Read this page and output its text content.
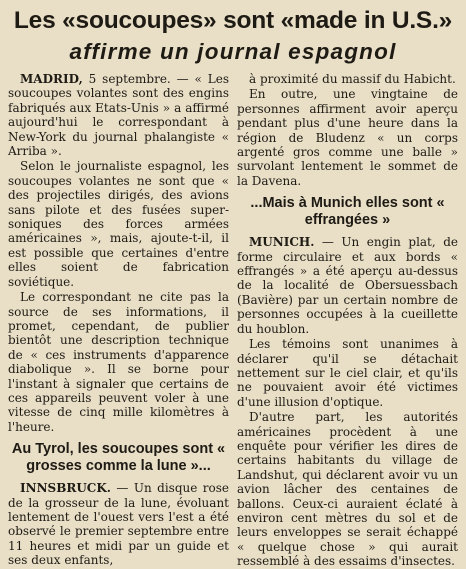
Les «soucoupes» sont «made in U.S.»
affirme un journal espagnol

MADRID, 5 septembre. — « Les soucoupes volantes sont des engins fabriqués aux Etats-Unis » a affirmé aujourd'hui le correspondant à New-York du journal phalangiste « Arriba ».

Selon le journaliste espagnol, les soucoupes volantes ne sont que « des projectiles dirigés, des avions sans pilote et des fusées super-soniques des forces armées américaines », mais, ajoute-t-il, il est possible que certaines d'entre elles soient de fabrication soviétique.

Le correspondant ne cite pas la source de ses informations, il promet, cependant, de publier bientôt une description technique de « ces instruments d'apparence diabolique ». Il se borne pour l'instant à signaler que certains de ces appareils peuvent voler à une vitesse de cinq mille kilomètres à l'heure.

Au Tyrol, les soucoupes sont « grosses comme la lune »...

INNSBRUCK. — Un disque rose de la grosseur de la lune, évoluant lentement de l'ouest vers l'est a été observé le premier septembre entre 11 heures et midi par un guide et ses deux enfants,

à proximité du massif du Habicht.

En outre, une vingtaine de personnes affirment avoir aperçu pendant plus d'une heure dans la région de Bludenz « un corps argenté gros comme une balle » survolant lentement le sommet de la Davena.

...Mais à Munich elles sont « effrangées »

MUNICH. — Un engin plat, de forme circulaire et aux bords « effrangés » a été aperçu au-dessus de la localité de Obersuessbach (Bavière) par un certain nombre de personnes occupées à la cueillette du houblon.

Les témoins sont unanimes à déclarer qu'il se détachait nettement sur le ciel clair, et qu'ils ne pouvaient avoir été victimes d'une illusion d'optique.

D'autre part, les autorités américaines procèdent à une enquête pour vérifier les dires de certains habitants du village de Landshut, qui déclarent avoir vu un avion lâcher des centaines de ballons. Ceux-ci auraient éclaté à environ cent mètres du sol et de leurs enveloppes se serait échappé « quelque chose » qui aurait ressemblé à des essaims d'insectes.
